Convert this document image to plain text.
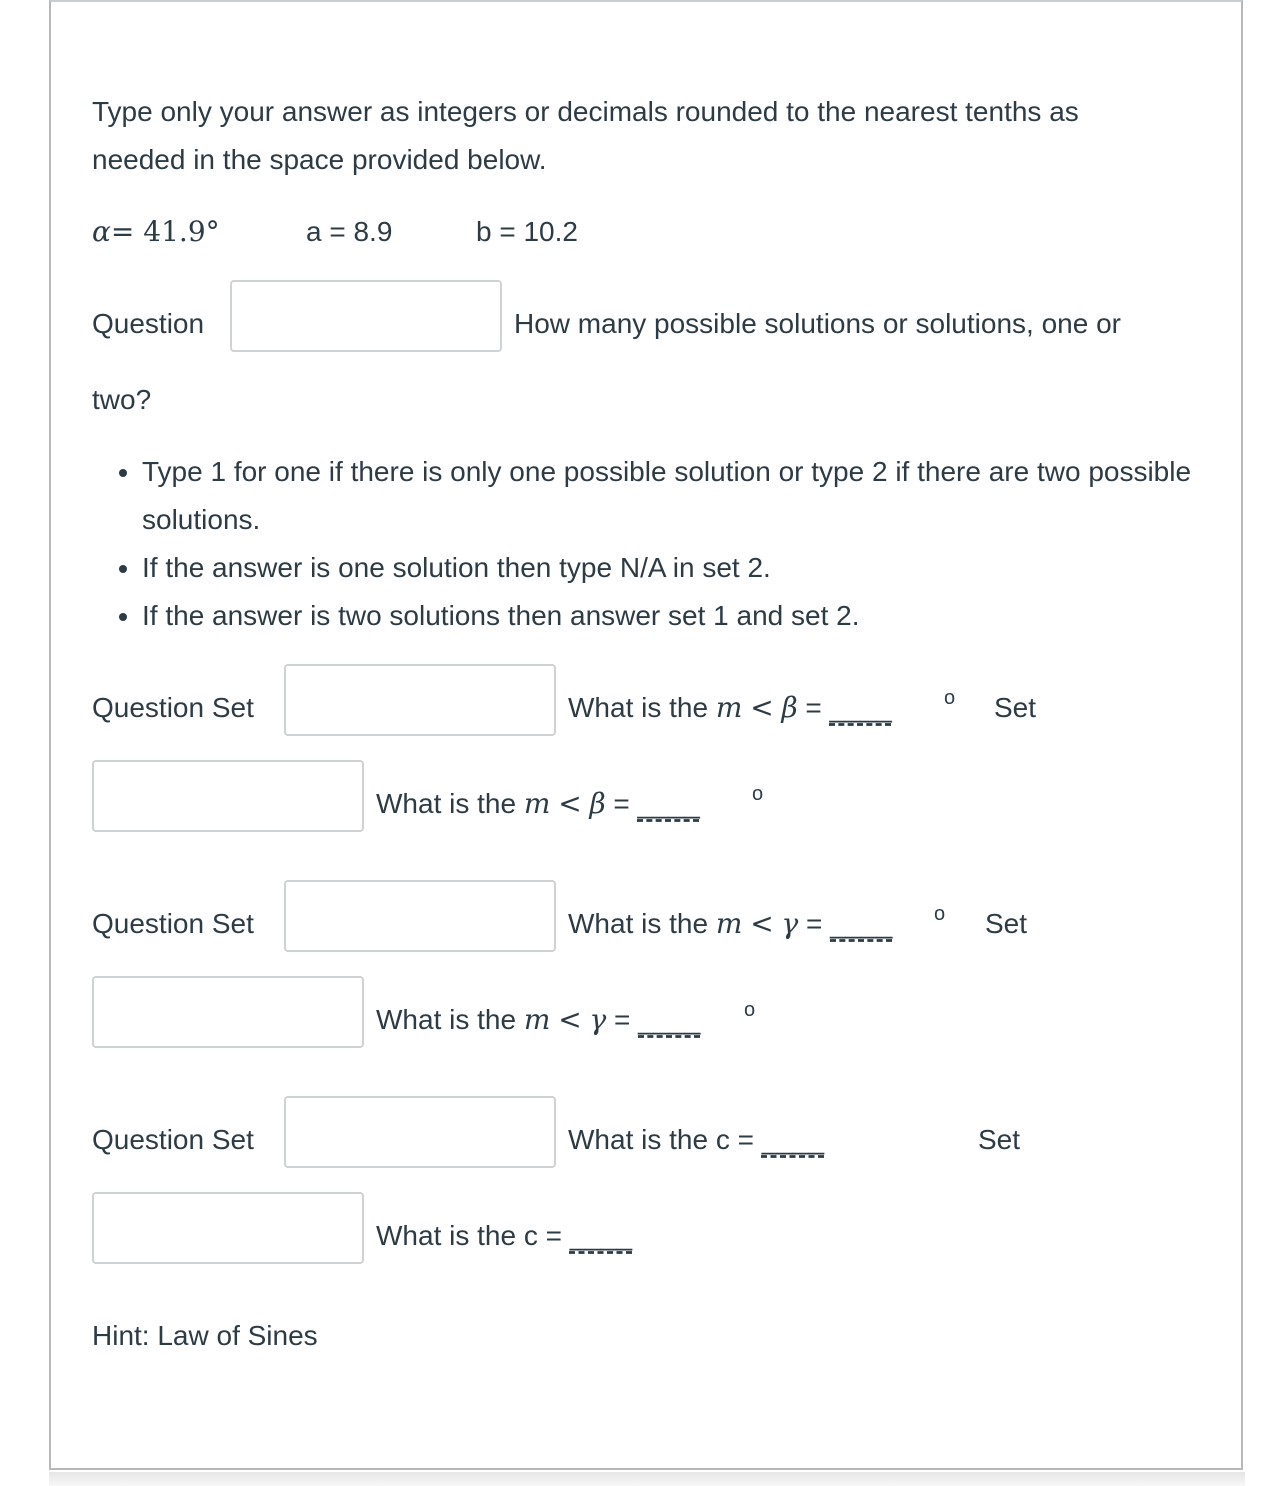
Type only your answer as integers or decimals rounded to the nearest tenths as
needed in the space provided below.
α= 41.9°	a = 8.9	b = 10.2
Question	How many possible solutions or solutions, one or
two?
• Type 1 for one if there is only one possible solution or type 2 if there are two possible solutions.
• If the answer is one solution then type N/A in set 2.
• If the answer is two solutions then answer set 1 and set 2.
Question Set	What is the m < β = ____	o Set
What is the m < β = ____	o
Question Set	What is the m < γ = ____ o Set
What is the m < γ = ____ o
Question Set	What is the c = ____	Set
What is the c = ____
Hint: Law of Sines
